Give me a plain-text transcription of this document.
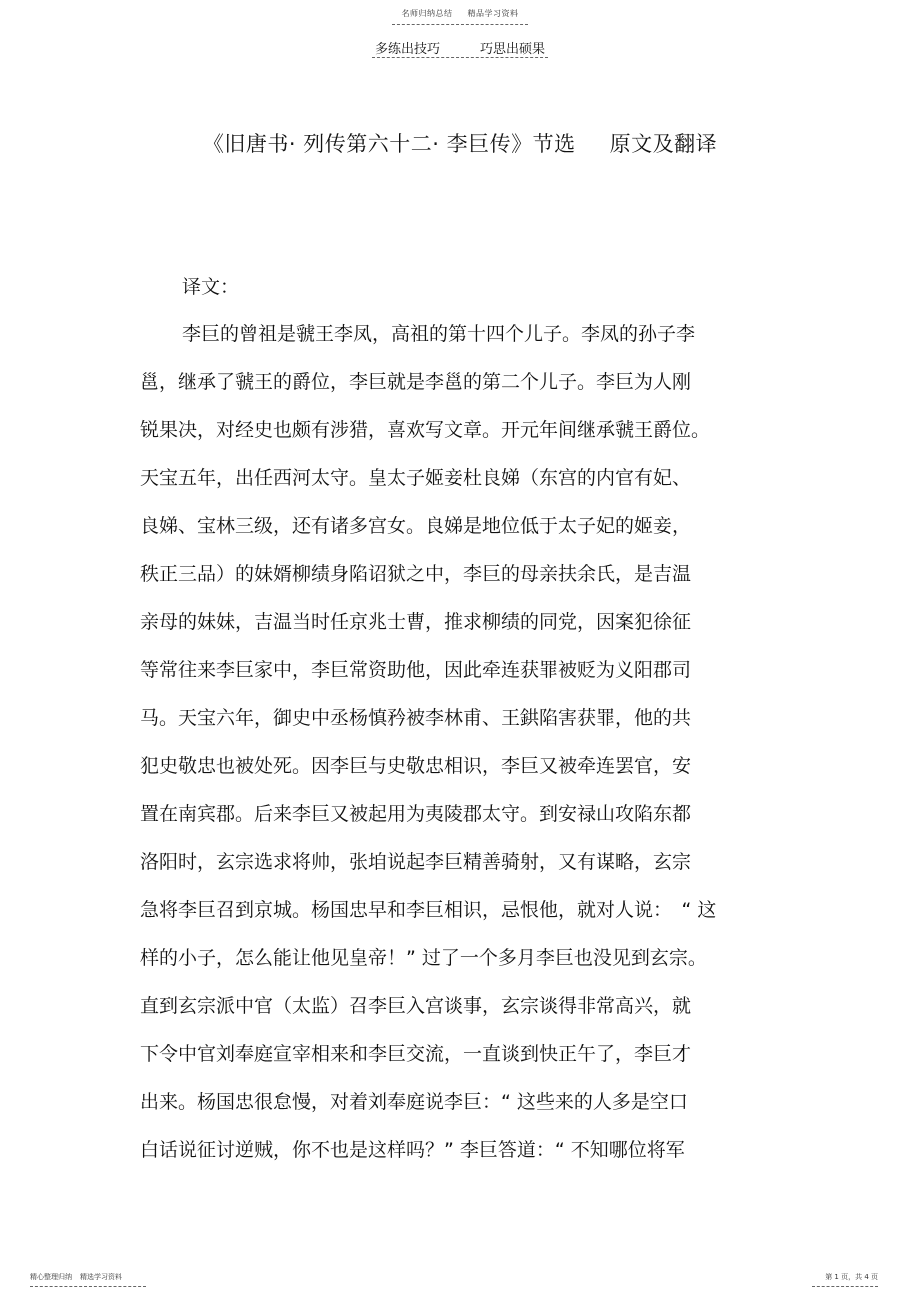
名师归纳总结 精品学习资料
多练出技巧	巧思出硕果
《旧唐书· 列传第六十二· 李巨传》节选 原文及翻译
译文：
李巨的曾祖是虢王李凤，高祖的第十四个儿子。李凤的孙子李
邕，继承了虢王的爵位，李巨就是李邕的第二个儿子。李巨为人刚
锐果决，对经史也颇有涉猎，喜欢写文章。开元年间继承虢王爵位。
天宝五年，出任西河太守。皇太子姬妾杜良娣（东宫的内官有妃、
良娣、宝林三级，还有诸多宫女。良娣是地位低于太子妃的姬妾，
秩正三品）的妹婿柳绩身陷诏狱之中，李巨的母亲扶余氏，是吉温
亲母的妹妹，吉温当时任京兆士曹，推求柳绩的同党，因案犯徐征
等常往来李巨家中，李巨常资助他，因此牵连获罪被贬为义阳郡司
马。天宝六年，御史中丞杨慎矜被李林甫、王鉷陷害获罪，他的共
犯史敬忠也被处死。因李巨与史敬忠相识，李巨又被牵连罢官，安
置在南宾郡。后来李巨又被起用为夷陵郡太守。到安禄山攻陷东都
洛阳时，玄宗选求将帅，张垍说起李巨精善骑射，又有谋略，玄宗
急将李巨召到京城。杨国忠早和李巨相识，忌恨他，就对人说：　“ 这
样的小子，怎么能让他见皇帝！” 过了一个多月李巨也没见到玄宗。
直到玄宗派中官（太监）召李巨入宫谈事，玄宗谈得非常高兴，就
下令中官刘奉庭宣宰相来和李巨交流，一直谈到快正午了，李巨才
出来。杨国忠很怠慢，对着刘奉庭说李巨：“ 这些来的人多是空口
白话说征讨逆贼，你不也是这样吗？” 李巨答道：“ 不知哪位将军
精心整理归纳 精选学习资料	第 1 页，共 4 页
